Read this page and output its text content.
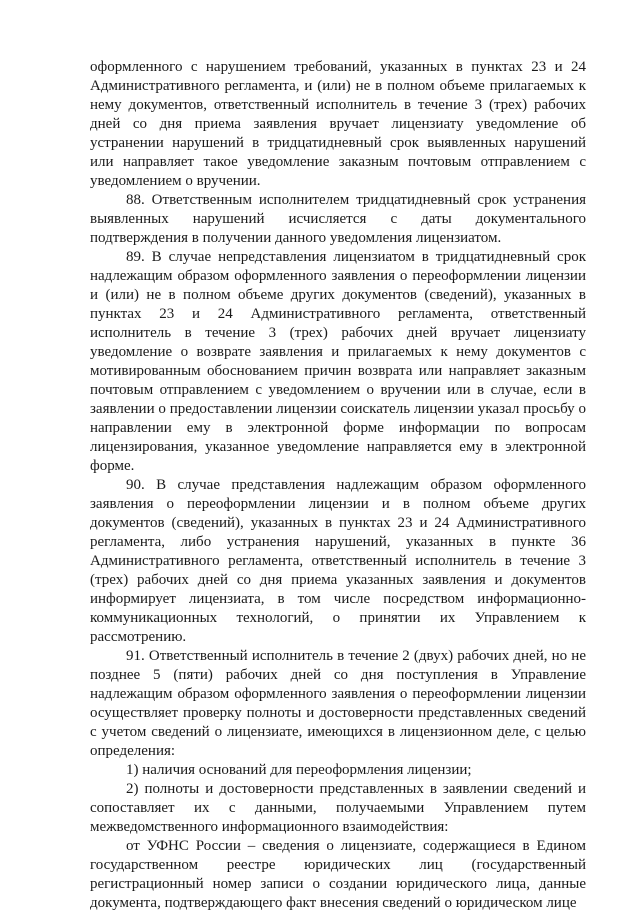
оформленного с нарушением требований, указанных в пунктах 23 и 24 Административного регламента, и (или) не в полном объеме прилагаемых к нему документов, ответственный исполнитель в течение 3 (трех) рабочих дней со дня приема заявления вручает лицензиату уведомление об устранении нарушений в тридцатидневный срок выявленных нарушений или направляет такое уведомление заказным почтовым отправлением с уведомлением о вручении.

88. Ответственным исполнителем тридцатидневный срок устранения выявленных нарушений исчисляется с даты документального подтверждения в получении данного уведомления лицензиатом.

89. В случае непредставления лицензиатом в тридцатидневный срок надлежащим образом оформленного заявления о переоформлении лицензии и (или) не в полном объеме других документов (сведений), указанных в пунктах 23 и 24 Административного регламента, ответственный исполнитель в течение 3 (трех) рабочих дней вручает лицензиату уведомление о возврате заявления и прилагаемых к нему документов с мотивированным обоснованием причин возврата или направляет заказным почтовым отправлением с уведомлением о вручении или в случае, если в заявлении о предоставлении лицензии соискатель лицензии указал просьбу о направлении ему в электронной форме информации по вопросам лицензирования, указанное уведомление направляется ему в электронной форме.

90. В случае представления надлежащим образом оформленного заявления о переоформлении лицензии и в полном объеме других документов (сведений), указанных в пунктах 23 и 24 Административного регламента, либо устранения нарушений, указанных в пункте 36 Административного регламента, ответственный исполнитель в течение 3 (трех) рабочих дней со дня приема указанных заявления и документов информирует лицензиата, в том числе посредством информационно-коммуникационных технологий, о принятии их Управлением к рассмотрению.

91. Ответственный исполнитель в течение 2 (двух) рабочих дней, но не позднее 5 (пяти) рабочих дней со дня поступления в Управление надлежащим образом оформленного заявления о переоформлении лицензии осуществляет проверку полноты и достоверности представленных сведений с учетом сведений о лицензиате, имеющихся в лицензионном деле, с целью определения:

1) наличия оснований для переоформления лицензии;

2) полноты и достоверности представленных в заявлении сведений и сопоставляет их с данными, получаемыми Управлением путем межведомственного информационного взаимодействия:

от УФНС России – сведения о лицензиате, содержащиеся в Едином государственном реестре юридических лиц (государственный регистрационный номер записи о создании юридического лица, данные документа, подтверждающего факт внесения сведений о юридическом лице
